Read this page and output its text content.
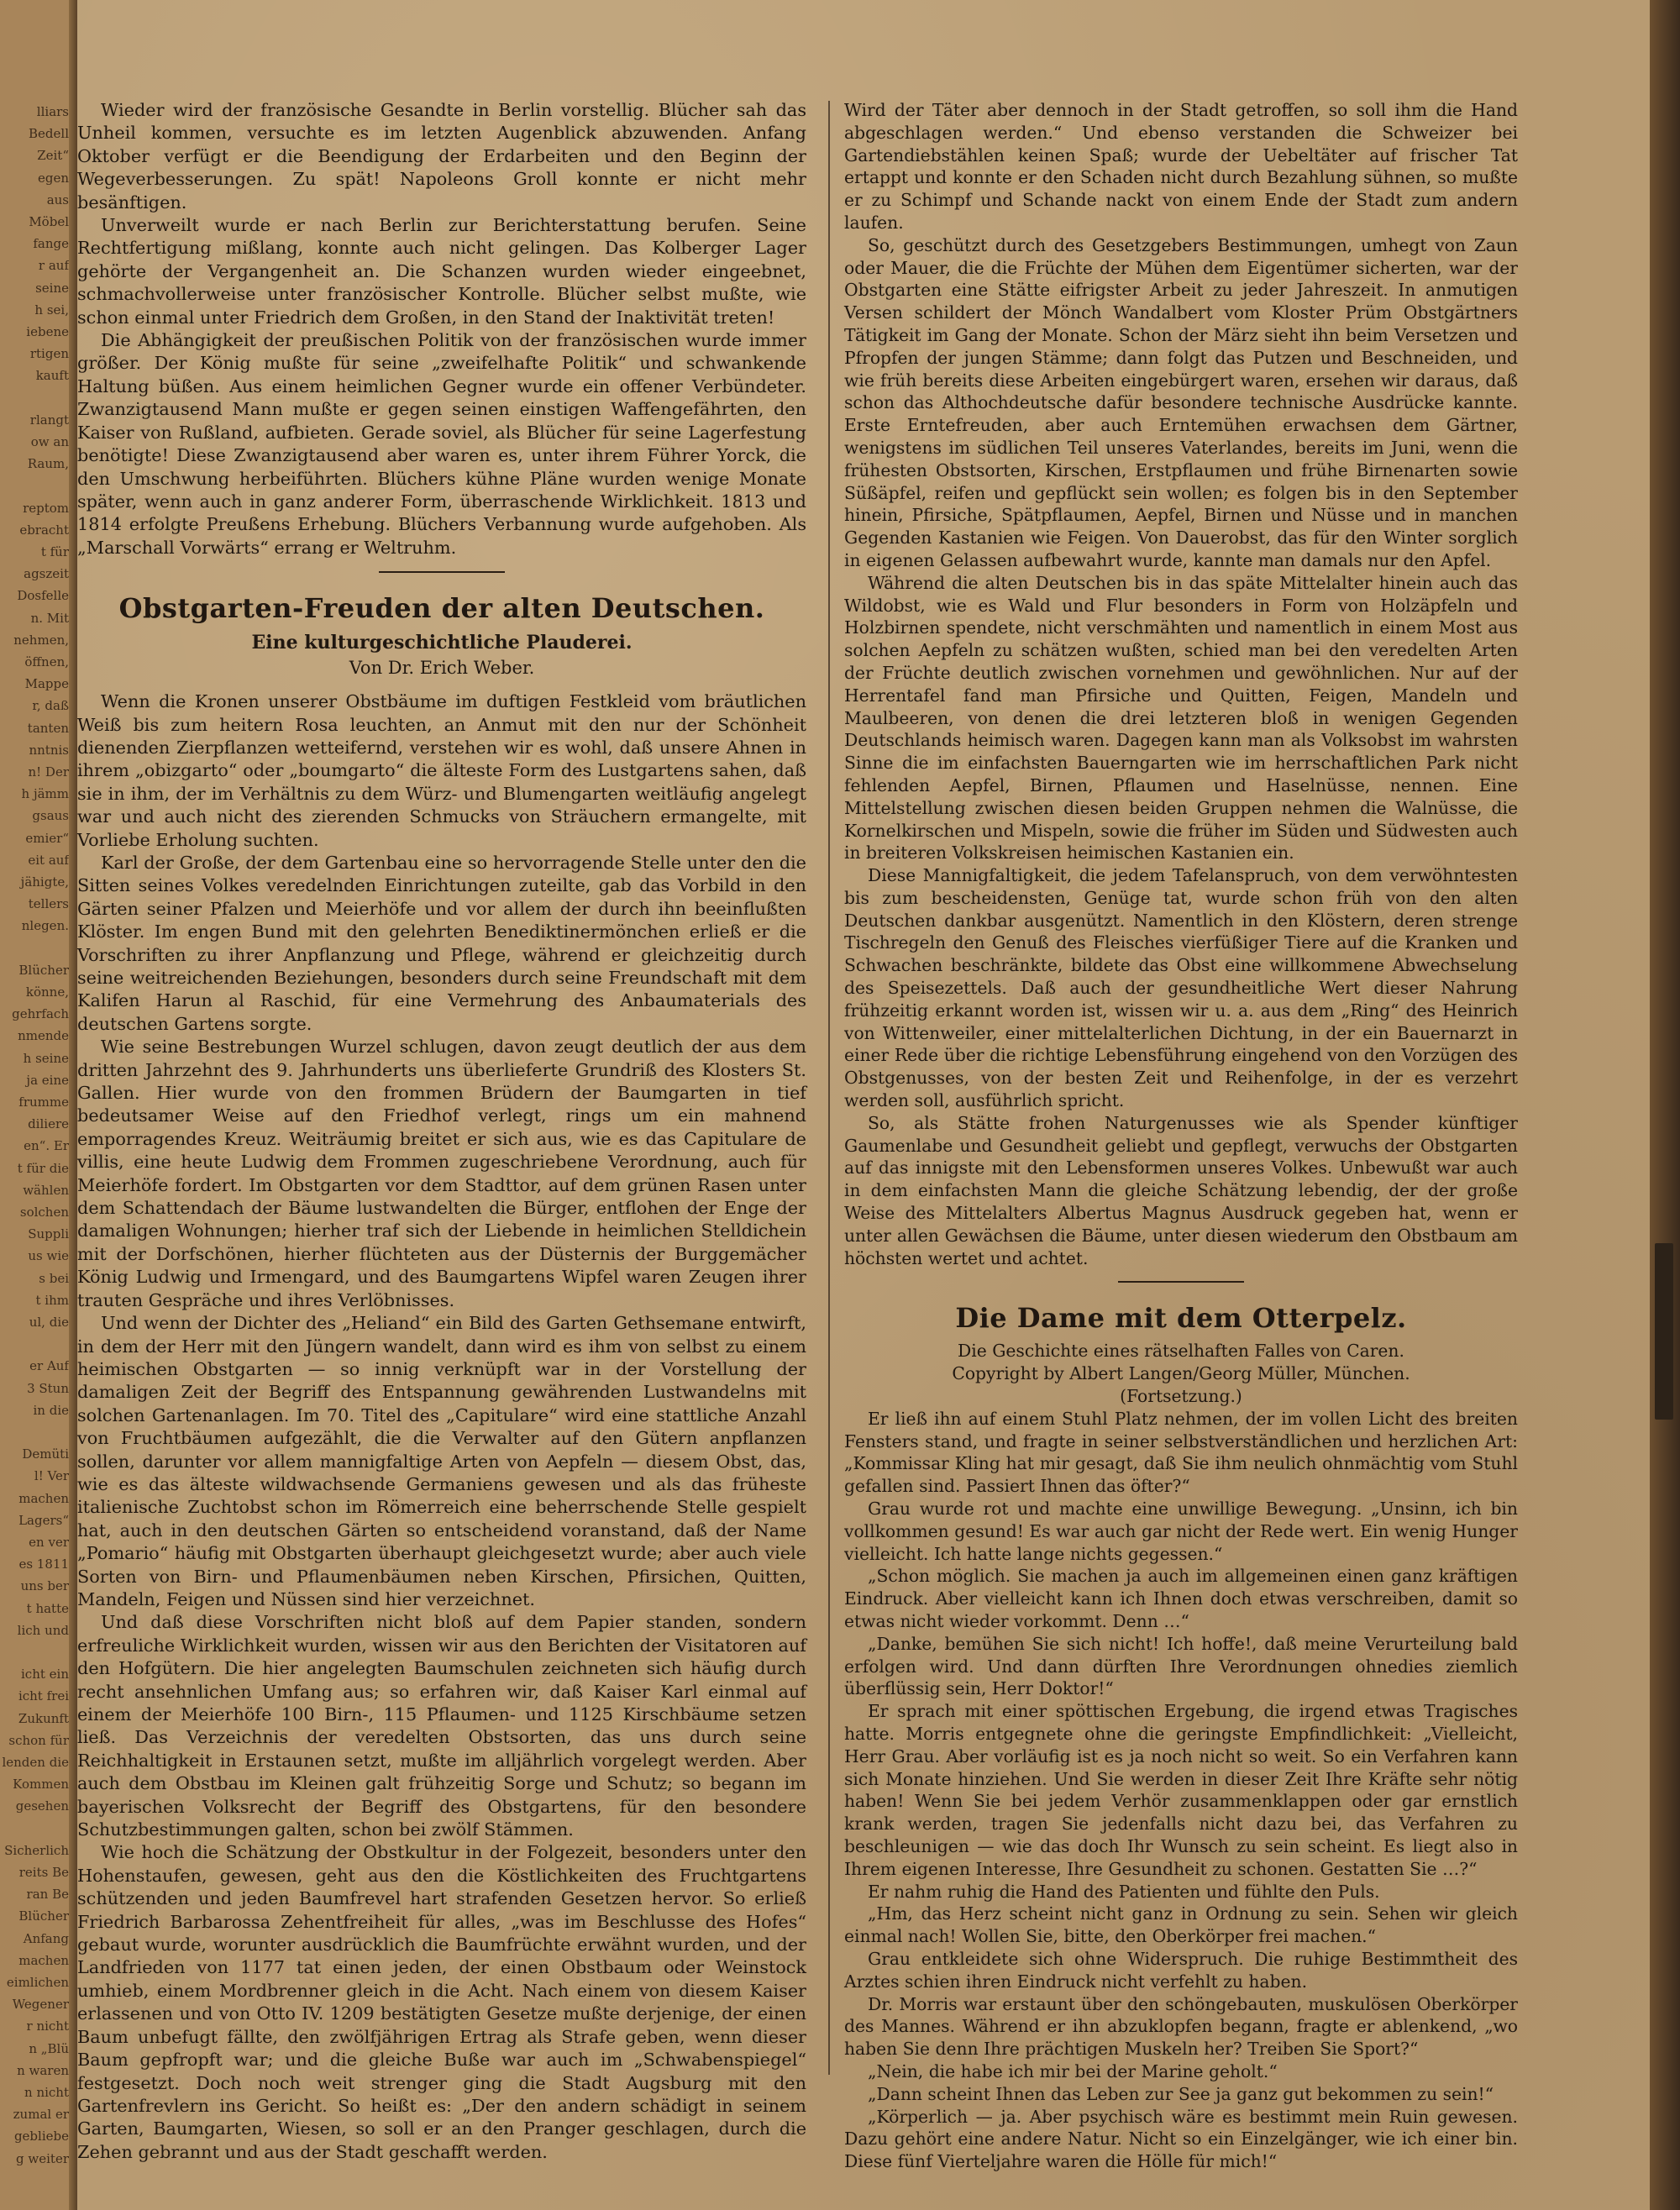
lliars
Bedell
Zeit“
egen
aus
Möbel
fange
r auf
seine
h sei,
iebene
rtigen
kauft
rlangt
ow an
Raum,
reptom
ebracht
t für
agszeit
Dosfelle
n. Mit
nehmen,
öffnen,
Mappe
r, daß
tanten
nntnis
n! Der
h jämm
gsaus
emier“
eit auf
jähigte,
tellers
nlegen.
Blücher
könne,
gehrfach
nmende
h seine
ja eine
frumme
diliere
en“. Er
t für die
wählen
solchen
Suppli
us wie
s bei
t ihm
ul, die
er Auf
3 Stun
in die
Demüti
l! Ver
machen
Lagers“
en ver
es 1811
uns ber
t hatte
lich und
icht ein
icht frei
Zukunft
schon für
lenden die
Kommen
gesehen
Sicherlich
reits Be
ran Be
Blücher
Anfang
machen
eimlichen
Wegener
r nicht
n „Blü
n waren
n nicht
zumal er
gebliebe
g weiter

Wieder wird der französische Gesandte in Berlin vorstellig. Blücher sah das Unheil kommen, versuchte es im letzten Augenblick abzuwenden. Anfang Oktober verfügt er die Beendigung der Erdarbeiten und den Beginn der Wegeverbesserungen. Zu spät! Napoleons Groll konnte er nicht mehr besänftigen.

Unverweilt wurde er nach Berlin zur Berichterstattung berufen. Seine Rechtfertigung mißlang, konnte auch nicht gelingen. Das Kolberger Lager gehörte der Vergangenheit an. Die Schanzen wurden wieder eingeebnet, schmachvollerweise unter französischer Kontrolle. Blücher selbst mußte, wie schon einmal unter Friedrich dem Großen, in den Stand der Inaktivität treten!

Die Abhängigkeit der preußischen Politik von der französischen wurde immer größer. Der König mußte für seine „zweifelhafte Politik“ und schwankende Haltung büßen. Aus einem heimlichen Gegner wurde ein offener Verbündeter. Zwanzigtausend Mann mußte er gegen seinen einstigen Waffengefährten, den Kaiser von Rußland, aufbieten. Gerade soviel, als Blücher für seine Lagerfestung benötigte! Diese Zwanzigtausend aber waren es, unter ihrem Führer Yorck, die den Umschwung herbeiführten. Blüchers kühne Pläne wurden wenige Monate später, wenn auch in ganz anderer Form, überraschende Wirklichkeit. 1813 und 1814 erfolgte Preußens Erhebung. Blüchers Verbannung wurde aufgehoben. Als „Marschall Vorwärts“ errang er Weltruhm.

Obstgarten-Freuden der alten Deutschen.
Eine kulturgeschichtliche Plauderei.
Von Dr. Erich Weber.

Wenn die Kronen unserer Obstbäume im duftigen Festkleid vom bräutlichen Weiß bis zum heitern Rosa leuchten, an Anmut mit den nur der Schönheit dienenden Zierpflanzen wetteifernd, verstehen wir es wohl, daß unsere Ahnen in ihrem „obizgarto“ oder „boumgarto“ die älteste Form des Lustgartens sahen, daß sie in ihm, der im Verhältnis zu dem Würz- und Blumengarten weitläufig angelegt war und auch nicht des zierenden Schmucks von Sträuchern ermangelte, mit Vorliebe Erholung suchten.

Karl der Große, der dem Gartenbau eine so hervorragende Stelle unter den die Sitten seines Volkes veredelnden Einrichtungen zuteilte, gab das Vorbild in den Gärten seiner Pfalzen und Meierhöfe und vor allem der durch ihn beeinflußten Klöster. Im engen Bund mit den gelehrten Benediktinermönchen erließ er die Vorschriften zu ihrer Anpflanzung und Pflege, während er gleichzeitig durch seine weitreichenden Beziehungen, besonders durch seine Freundschaft mit dem Kalifen Harun al Raschid, für eine Vermehrung des Anbaumaterials des deutschen Gartens sorgte.

Wie seine Bestrebungen Wurzel schlugen, davon zeugt deutlich der aus dem dritten Jahrzehnt des 9. Jahrhunderts uns überlieferte Grundriß des Klosters St. Gallen. Hier wurde von den frommen Brüdern der Baumgarten in tief bedeutsamer Weise auf den Friedhof verlegt, rings um ein mahnend emporragendes Kreuz. Weiträumig breitet er sich aus, wie es das Capitulare de villis, eine heute Ludwig dem Frommen zugeschriebene Verordnung, auch für Meierhöfe fordert. Im Obstgarten vor dem Stadttor, auf dem grünen Rasen unter dem Schattendach der Bäume lustwandelten die Bürger, entflohen der Enge der damaligen Wohnungen; hierher traf sich der Liebende in heimlichen Stelldichein mit der Dorfschönen, hierher flüchteten aus der Düsternis der Burggemächer König Ludwig und Irmengard, und des Baumgartens Wipfel waren Zeugen ihrer trauten Gespräche und ihres Verlöbnisses.

Und wenn der Dichter des „Heliand“ ein Bild des Garten Gethsemane entwirft, in dem der Herr mit den Jüngern wandelt, dann wird es ihm von selbst zu einem heimischen Obstgarten — so innig verknüpft war in der Vorstellung der damaligen Zeit der Begriff des Entspannung gewährenden Lustwandelns mit solchen Gartenanlagen. Im 70. Titel des „Capitulare“ wird eine stattliche Anzahl von Fruchtbäumen aufgezählt, die die Verwalter auf den Gütern anpflanzen sollen, darunter vor allem mannigfaltige Arten von Aepfeln — diesem Obst, das, wie es das älteste wildwachsende Germaniens gewesen und als das früheste italienische Zuchtobst schon im Römerreich eine beherrschende Stelle gespielt hat, auch in den deutschen Gärten so entscheidend voranstand, daß der Name „Pomario“ häufig mit Obstgarten überhaupt gleichgesetzt wurde; aber auch viele Sorten von Birn- und Pflaumenbäumen neben Kirschen, Pfirsichen, Quitten, Mandeln, Feigen und Nüssen sind hier verzeichnet.

Und daß diese Vorschriften nicht bloß auf dem Papier standen, sondern erfreuliche Wirklichkeit wurden, wissen wir aus den Berichten der Visitatoren auf den Hofgütern. Die hier angelegten Baumschulen zeichneten sich häufig durch recht ansehnlichen Umfang aus; so erfahren wir, daß Kaiser Karl einmal auf einem der Meierhöfe 100 Birn-, 115 Pflaumen- und 1125 Kirschbäume setzen ließ. Das Verzeichnis der veredelten Obstsorten, das uns durch seine Reichhaltigkeit in Erstaunen setzt, mußte im alljährlich vorgelegt werden. Aber auch dem Obstbau im Kleinen galt frühzeitig Sorge und Schutz; so begann im bayerischen Volksrecht der Begriff des Obstgartens, für den besondere Schutzbestimmungen galten, schon bei zwölf Stämmen.

Wie hoch die Schätzung der Obstkultur in der Folgezeit, besonders unter den Hohenstaufen, gewesen, geht aus den die Köstlichkeiten des Fruchtgartens schützenden und jeden Baumfrevel hart strafenden Gesetzen hervor. So erließ Friedrich Barbarossa Zehentfreiheit für alles, „was im Beschlusse des Hofes“ gebaut wurde, worunter ausdrücklich die Baumfrüchte erwähnt wurden, und der Landfrieden von 1177 tat einen jeden, der einen Obstbaum oder Weinstock umhieb, einem Mordbrenner gleich in die Acht. Nach einem von diesem Kaiser erlassenen und von Otto IV. 1209 bestätigten Gesetze mußte derjenige, der einen Baum unbefugt fällte, den zwölfjährigen Ertrag als Strafe geben, wenn dieser Baum gepfropft war; und die gleiche Buße war auch im „Schwabenspiegel“ festgesetzt. Doch noch weit strenger ging die Stadt Augsburg mit den Gartenfrevlern ins Gericht. So heißt es: „Der den andern schädigt in seinem Garten, Baumgarten, Wiesen, so soll er an den Pranger geschlagen, durch die Zehen gebrannt und aus der Stadt geschafft werden.

Wird der Täter aber dennoch in der Stadt getroffen, so soll ihm die Hand abgeschlagen werden.“ Und ebenso verstanden die Schweizer bei Gartendiebstählen keinen Spaß; wurde der Uebeltäter auf frischer Tat ertappt und konnte er den Schaden nicht durch Bezahlung sühnen, so mußte er zu Schimpf und Schande nackt von einem Ende der Stadt zum andern laufen.

So, geschützt durch des Gesetzgebers Bestimmungen, umhegt von Zaun oder Mauer, die die Früchte der Mühen dem Eigentümer sicherten, war der Obstgarten eine Stätte eifrigster Arbeit zu jeder Jahreszeit. In anmutigen Versen schildert der Mönch Wandalbert vom Kloster Prüm Obstgärtners Tätigkeit im Gang der Monate. Schon der März sieht ihn beim Versetzen und Pfropfen der jungen Stämme; dann folgt das Putzen und Beschneiden, und wie früh bereits diese Arbeiten eingebürgert waren, ersehen wir daraus, daß schon das Althochdeutsche dafür besondere technische Ausdrücke kannte. Erste Erntefreuden, aber auch Erntemühen erwachsen dem Gärtner, wenigstens im südlichen Teil unseres Vaterlandes, bereits im Juni, wenn die frühesten Obstsorten, Kirschen, Erstpflaumen und frühe Birnenarten sowie Süßäpfel, reifen und gepflückt sein wollen; es folgen bis in den September hinein, Pfirsiche, Spätpflaumen, Aepfel, Birnen und Nüsse und in manchen Gegenden Kastanien wie Feigen. Von Dauerobst, das für den Winter sorglich in eigenen Gelassen aufbewahrt wurde, kannte man damals nur den Apfel.

Während die alten Deutschen bis in das späte Mittelalter hinein auch das Wildobst, wie es Wald und Flur besonders in Form von Holzäpfeln und Holzbirnen spendete, nicht verschmähten und namentlich in einem Most aus solchen Aepfeln zu schätzen wußten, schied man bei den veredelten Arten der Früchte deutlich zwischen vornehmen und gewöhnlichen. Nur auf der Herrentafel fand man Pfirsiche und Quitten, Feigen, Mandeln und Maulbeeren, von denen die drei letzteren bloß in wenigen Gegenden Deutschlands heimisch waren. Dagegen kann man als Volksobst im wahrsten Sinne die im einfachsten Bauerngarten wie im herrschaftlichen Park nicht fehlenden Aepfel, Birnen, Pflaumen und Haselnüsse, nennen. Eine Mittelstellung zwischen diesen beiden Gruppen nehmen die Walnüsse, die Kornelkirschen und Mispeln, sowie die früher im Süden und Südwesten auch in breiteren Volkskreisen heimischen Kastanien ein.

Diese Mannigfaltigkeit, die jedem Tafelanspruch, von dem verwöhntesten bis zum bescheidensten, Genüge tat, wurde schon früh von den alten Deutschen dankbar ausgenützt. Namentlich in den Klöstern, deren strenge Tischregeln den Genuß des Fleisches vierfüßiger Tiere auf die Kranken und Schwachen beschränkte, bildete das Obst eine willkommene Abwechselung des Speisezettels. Daß auch der gesundheitliche Wert dieser Nahrung frühzeitig erkannt worden ist, wissen wir u. a. aus dem „Ring“ des Heinrich von Wittenweiler, einer mittelalterlichen Dichtung, in der ein Bauernarzt in einer Rede über die richtige Lebensführung eingehend von den Vorzügen des Obstgenusses, von der besten Zeit und Reihenfolge, in der es verzehrt werden soll, ausführlich spricht.

So, als Stätte frohen Naturgenusses wie als Spender künftiger Gaumenlabe und Gesundheit geliebt und gepflegt, verwuchs der Obstgarten auf das innigste mit den Lebensformen unseres Volkes. Unbewußt war auch in dem einfachsten Mann die gleiche Schätzung lebendig, der der große Weise des Mittelalters Albertus Magnus Ausdruck gegeben hat, wenn er unter allen Gewächsen die Bäume, unter diesen wiederum den Obstbaum am höchsten wertet und achtet.

Die Dame mit dem Otterpelz.
Die Geschichte eines rätselhaften Falles von Caren.
Copyright by Albert Langen/Georg Müller, München.
(Fortsetzung.)

Er ließ ihn auf einem Stuhl Platz nehmen, der im vollen Licht des breiten Fensters stand, und fragte in seiner selbstverständlichen und herzlichen Art: „Kommissar Kling hat mir gesagt, daß Sie ihm neulich ohnmächtig vom Stuhl gefallen sind. Passiert Ihnen das öfter?“

Grau wurde rot und machte eine unwillige Bewegung. „Unsinn, ich bin vollkommen gesund! Es war auch gar nicht der Rede wert. Ein wenig Hunger vielleicht. Ich hatte lange nichts gegessen.“

„Schon möglich. Sie machen ja auch im allgemeinen einen ganz kräftigen Eindruck. Aber vielleicht kann ich Ihnen doch etwas verschreiben, damit so etwas nicht wieder vorkommt. Denn …“

„Danke, bemühen Sie sich nicht! Ich hoffe!, daß meine Verurteilung bald erfolgen wird. Und dann dürften Ihre Verordnungen ohnedies ziemlich überflüssig sein, Herr Doktor!“

Er sprach mit einer spöttischen Ergebung, die irgend etwas Tragisches hatte. Morris entgegnete ohne die geringste Empfindlichkeit: „Vielleicht, Herr Grau. Aber vorläufig ist es ja noch nicht so weit. So ein Verfahren kann sich Monate hinziehen. Und Sie werden in dieser Zeit Ihre Kräfte sehr nötig haben! Wenn Sie bei jedem Verhör zusammenklappen oder gar ernstlich krank werden, tragen Sie jedenfalls nicht dazu bei, das Verfahren zu beschleunigen — wie das doch Ihr Wunsch zu sein scheint. Es liegt also in Ihrem eigenen Interesse, Ihre Gesundheit zu schonen. Gestatten Sie …?“

Er nahm ruhig die Hand des Patienten und fühlte den Puls.

„Hm, das Herz scheint nicht ganz in Ordnung zu sein. Sehen wir gleich einmal nach! Wollen Sie, bitte, den Oberkörper frei machen.“

Grau entkleidete sich ohne Widerspruch. Die ruhige Bestimmtheit des Arztes schien ihren Eindruck nicht verfehlt zu haben.

Dr. Morris war erstaunt über den schöngebauten, muskulösen Oberkörper des Mannes. Während er ihn abzuklopfen begann, fragte er ablenkend, „wo haben Sie denn Ihre prächtigen Muskeln her? Treiben Sie Sport?“

„Nein, die habe ich mir bei der Marine geholt.“

„Dann scheint Ihnen das Leben zur See ja ganz gut bekommen zu sein!“

„Körperlich — ja. Aber psychisch wäre es bestimmt mein Ruin gewesen. Dazu gehört eine andere Natur. Nicht so ein Einzelgänger, wie ich einer bin. Diese fünf Vierteljahre waren die Hölle für mich!“
